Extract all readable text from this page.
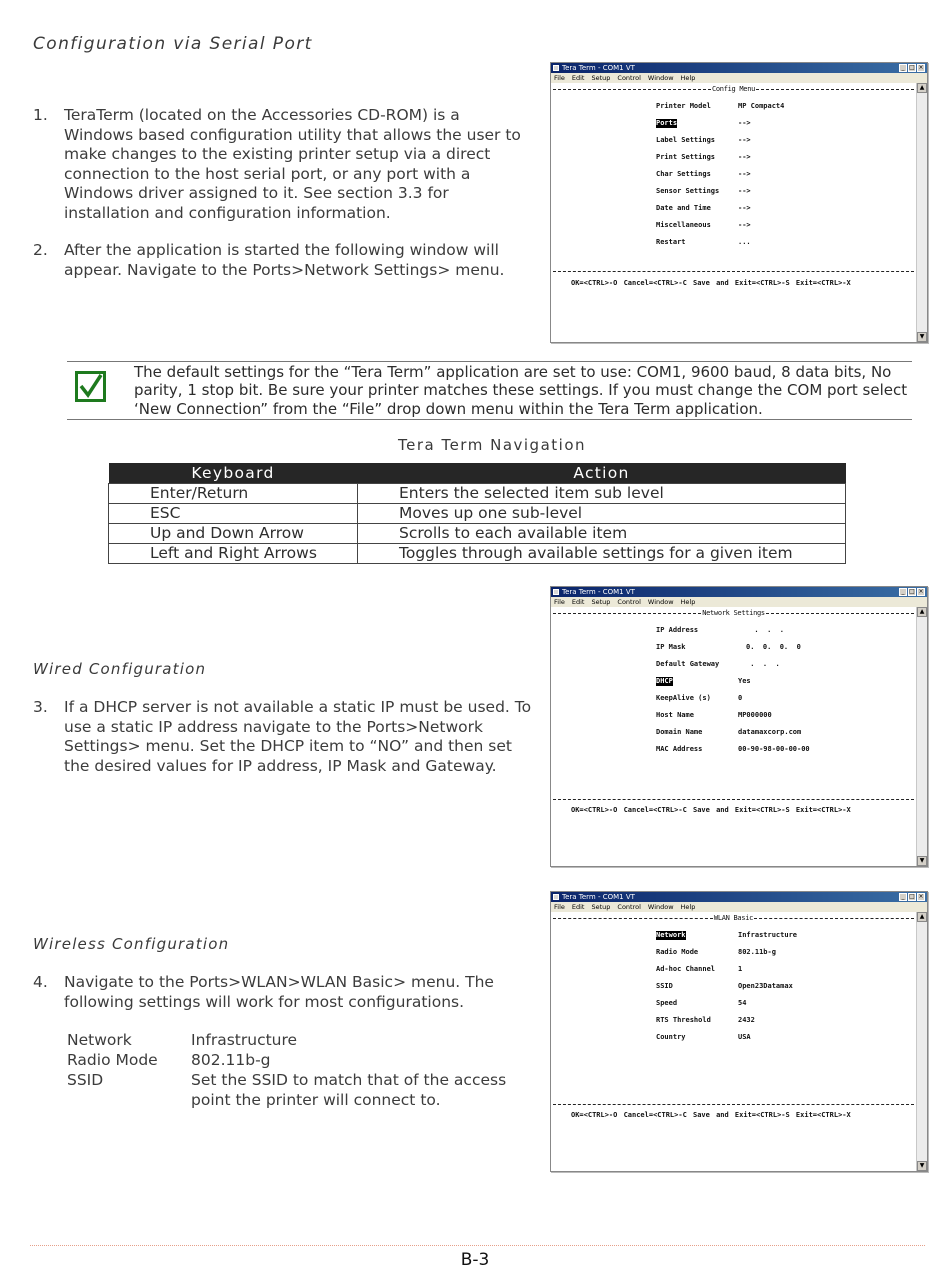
Configuration via Serial Port
1. TeraTerm (located on the Accessories CD-ROM) is a Windows based configuration utility that allows the user to make changes to the existing printer setup via a direct connection to the host serial port, or any port with a Windows driver assigned to it. See section 3.3 for installation and configuration information.
2. After the application is started the following window will appear. Navigate to the Ports>Network Settings> menu.
Tera Term - COM1 VT	_ □ ×
File Edit Setup Control Window Help
Config Menu
Printer Model	MP Compact4
Ports	-->
Label Settings	-->
Print Settings	-->
Char Settings	-->
Sensor Settings	-->
Date and Time	-->
Miscellaneous	-->
Restart	...
OK=<CTRL>-O Cancel=<CTRL>-C Save and Exit=<CTRL>-S Exit=<CTRL>-X
▲
▼
The default settings for the “Tera Term” application are set to use: COM1, 9600 baud, 8 data bits, No parity, 1 stop bit. Be sure your printer matches these settings. If you must change the COM port select ‘New Connection” from the “File” drop down menu within the Tera Term application.
Tera Term Navigation
Keyboard	Action
Enter/Return	Enters the selected item sub level
ESC	Moves up one sub-level
Up and Down Arrow	Scrolls to each available item
Left and Right Arrows	Toggles through available settings for a given item
Tera Term - COM1 VT	_ □ ×
File Edit Setup Control Window Help
Network Settings
IP Address	.  .  .
IP Mask	0.  0.  0.  0
Default Gateway	.  .  .
DHCP	Yes
KeepAlive (s)	0
Host Name	MP000000
Domain Name	datamaxcorp.com
MAC Address	00-90-98-00-00-00
OK=<CTRL>-O Cancel=<CTRL>-C Save and Exit=<CTRL>-S Exit=<CTRL>-X
▲
▼
Wired Configuration
3. If a DHCP server is not available a static IP must be used. To use a static IP address navigate to the Ports>Network Settings> menu. Set the DHCP item to “NO” and then set the desired values for IP address, IP Mask and Gateway.
Tera Term - COM1 VT	_ □ ×
File Edit Setup Control Window Help
WLAN Basic
Network	Infrastructure
Radio Mode	802.11b-g
Ad-hoc Channel	1
SSID	Open23Datamax
Speed	54
RTS Threshold	2432
Country	USA
OK=<CTRL>-O Cancel=<CTRL>-C Save and Exit=<CTRL>-S Exit=<CTRL>-X
▲
▼
Wireless Configuration
4. Navigate to the Ports>WLAN>WLAN Basic> menu. The following settings will work for most configurations.
Network	Infrastructure
Radio Mode 802.11b-g
SSID	Set the SSID to match that of the access point the printer will connect to.
B-3
